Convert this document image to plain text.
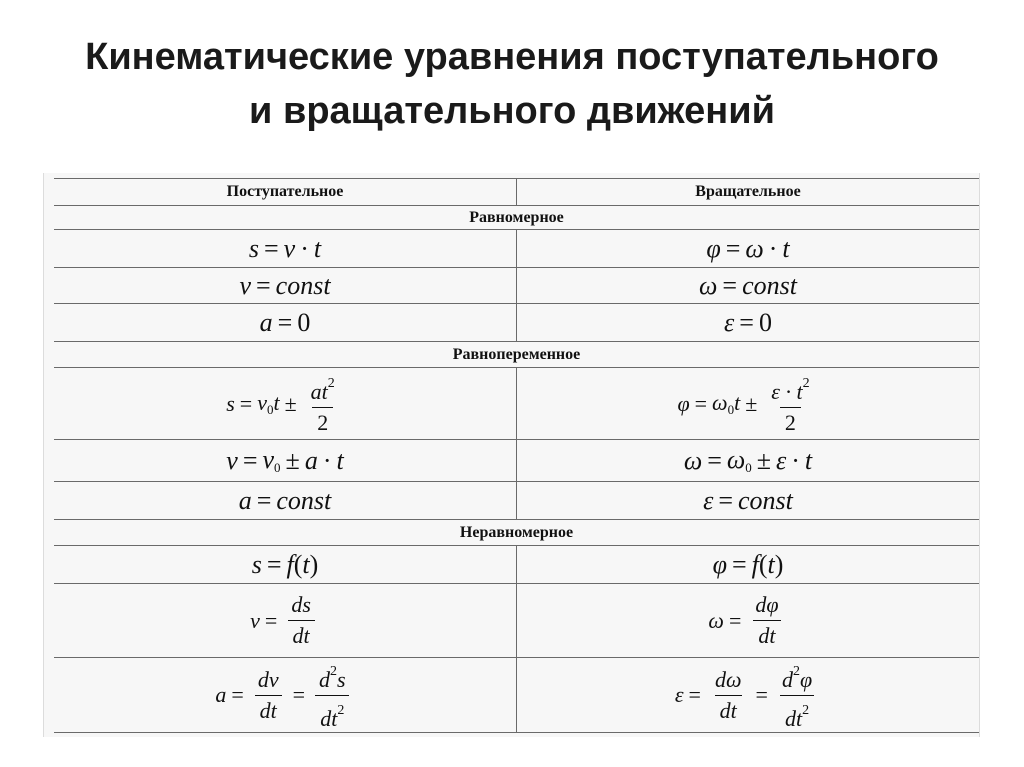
Кинематические уравнения поступательного
и вращательного движений
Поступательное	Вращательное
Равномерное
s = v · t	φ = ω · t
v = const	ω = const
a = 0	ε = 0
Равнопеременное
$s = v_0t \pm \frac{at^2}{2}$	$\varphi = \omega_0t \pm \frac{\varepsilon \cdot t^2}{2}$
$v = v_0 \pm a \cdot t$	$\omega = \omega_0 \pm \varepsilon \cdot t$
a = const	ε = const
Неравномерное
s = f ( t )	φ = f ( t )
$v = \frac{ds}{dt}$	$\omega = \frac{d\varphi}{dt}$
$a = \frac{dv}{dt} = \frac{d^2s}{dt^2}$	$\varepsilon = \frac{d\omega}{dt} = \frac{d^2\varphi}{dt^2}$
